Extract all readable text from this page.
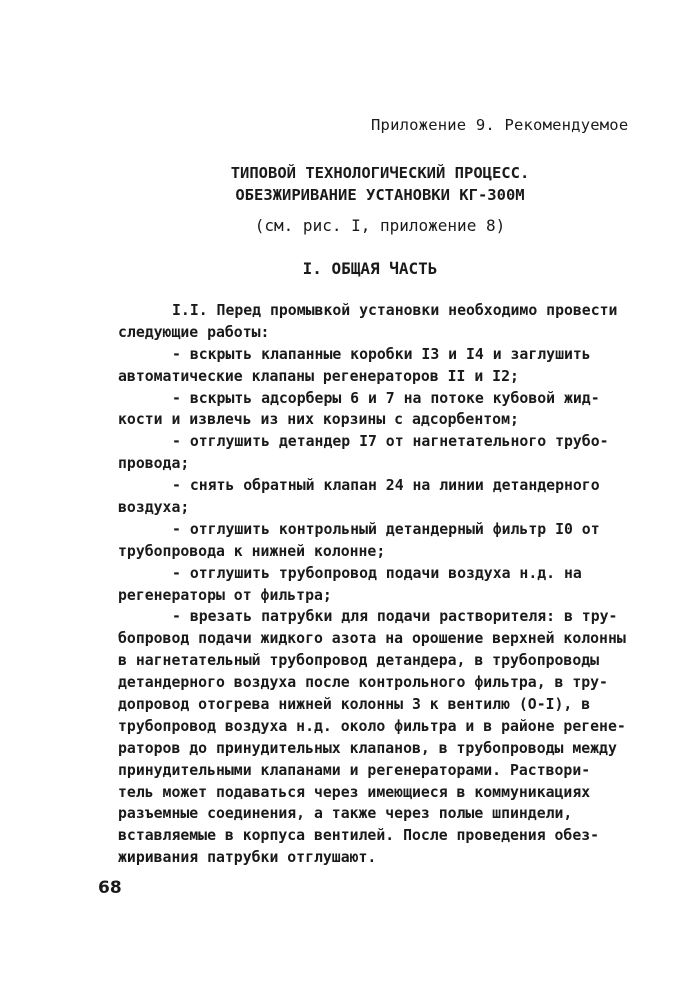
Приложение 9. Рекомендуемое
ТИПОВОЙ ТЕХНОЛОГИЧЕСКИЙ ПРОЦЕСС.
ОБЕЗЖИРИВАНИЕ УСТАНОВКИ КГ-300М
(см. рис. I, приложение 8)
I. ОБЩАЯ ЧАСТЬ
I.I. Перед промывкой установки необходимо провести
следующие работы:
- вскрыть клапанные коробки I3 и I4 и заглушить
автоматические клапаны регенераторов II и I2;
- вскрыть адсорберы 6 и 7 на потоке кубовой жид-
кости и извлечь из них корзины с адсорбентом;
- отглушить детандер I7 от нагнетательного трубо-
провода;
- снять обратный клапан 24 на линии детандерного
воздуха;
- отглушить контрольный детандерный фильтр I0 от
трубопровода к нижней колонне;
- отглушить трубопровод подачи воздуха н.д. на
регенераторы от фильтра;
- врезать патрубки для подачи растворителя: в тру-
бопровод подачи жидкого азота на орошение верхней колонны
в нагнетательный трубопровод детандера, в трубопроводы
детандерного воздуха после контрольного фильтра, в тру-
допровод отогрева нижней колонны 3 к вентилю (О-I), в
трубопровод воздуха н.д. около фильтра и в районе регене-
раторов до принудительных клапанов, в трубопроводы между
принудительными клапанами и регенераторами. Раствори-
тель может подаваться через имеющиеся в коммуникациях
разъемные соединения, а также через полые шпиндели,
вставляемые в корпуса вентилей. После проведения обез-
жиривания патрубки отглушают.
68
